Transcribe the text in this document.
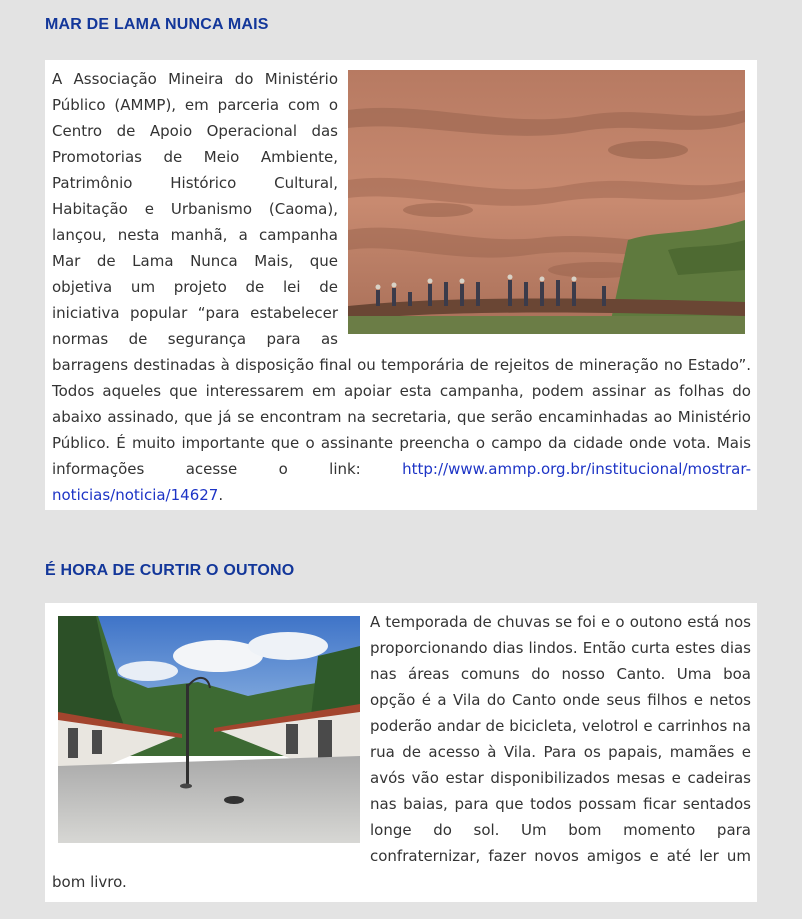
MAR DE LAMA NUNCA MAIS

A Associação Mineira do Ministério Público (AMMP), em parceria com o Centro de Apoio Operacional das Promotorias de Meio Ambiente, Patrimônio Histórico Cultural, Habitação e Urbanismo (Caoma), lançou, nesta manhã, a campanha Mar de Lama Nunca Mais, que objetiva um projeto de lei de iniciativa popular “para estabelecer normas de segurança para as barragens destinadas à disposição final ou temporária de rejeitos de mineração no Estado”. Todos aqueles que interessarem em apoiar esta campanha, podem assinar as folhas do abaixo assinado, que já se encontram na secretaria, que serão encaminhadas ao Ministério Público. É muito importante que o assinante preencha o campo da cidade onde vota. Mais informações acesse o link: http://www.ammp.org.br/institucional/mostrar-noticias/noticia/14627.

É HORA DE CURTIR O OUTONO

A temporada de chuvas se foi e o outono está nos proporcionando dias lindos. Então curta estes dias nas áreas comuns do nosso Canto. Uma boa opção é a Vila do Canto onde seus filhos e netos poderão andar de bicicleta, velotrol e carrinhos na rua de acesso à Vila. Para os papais, mamães e avós vão estar disponibilizados mesas e cadeiras nas baias, para que todos possam ficar sentados longe do sol. Um bom momento para confraternizar, fazer novos amigos e até ler um bom livro.
